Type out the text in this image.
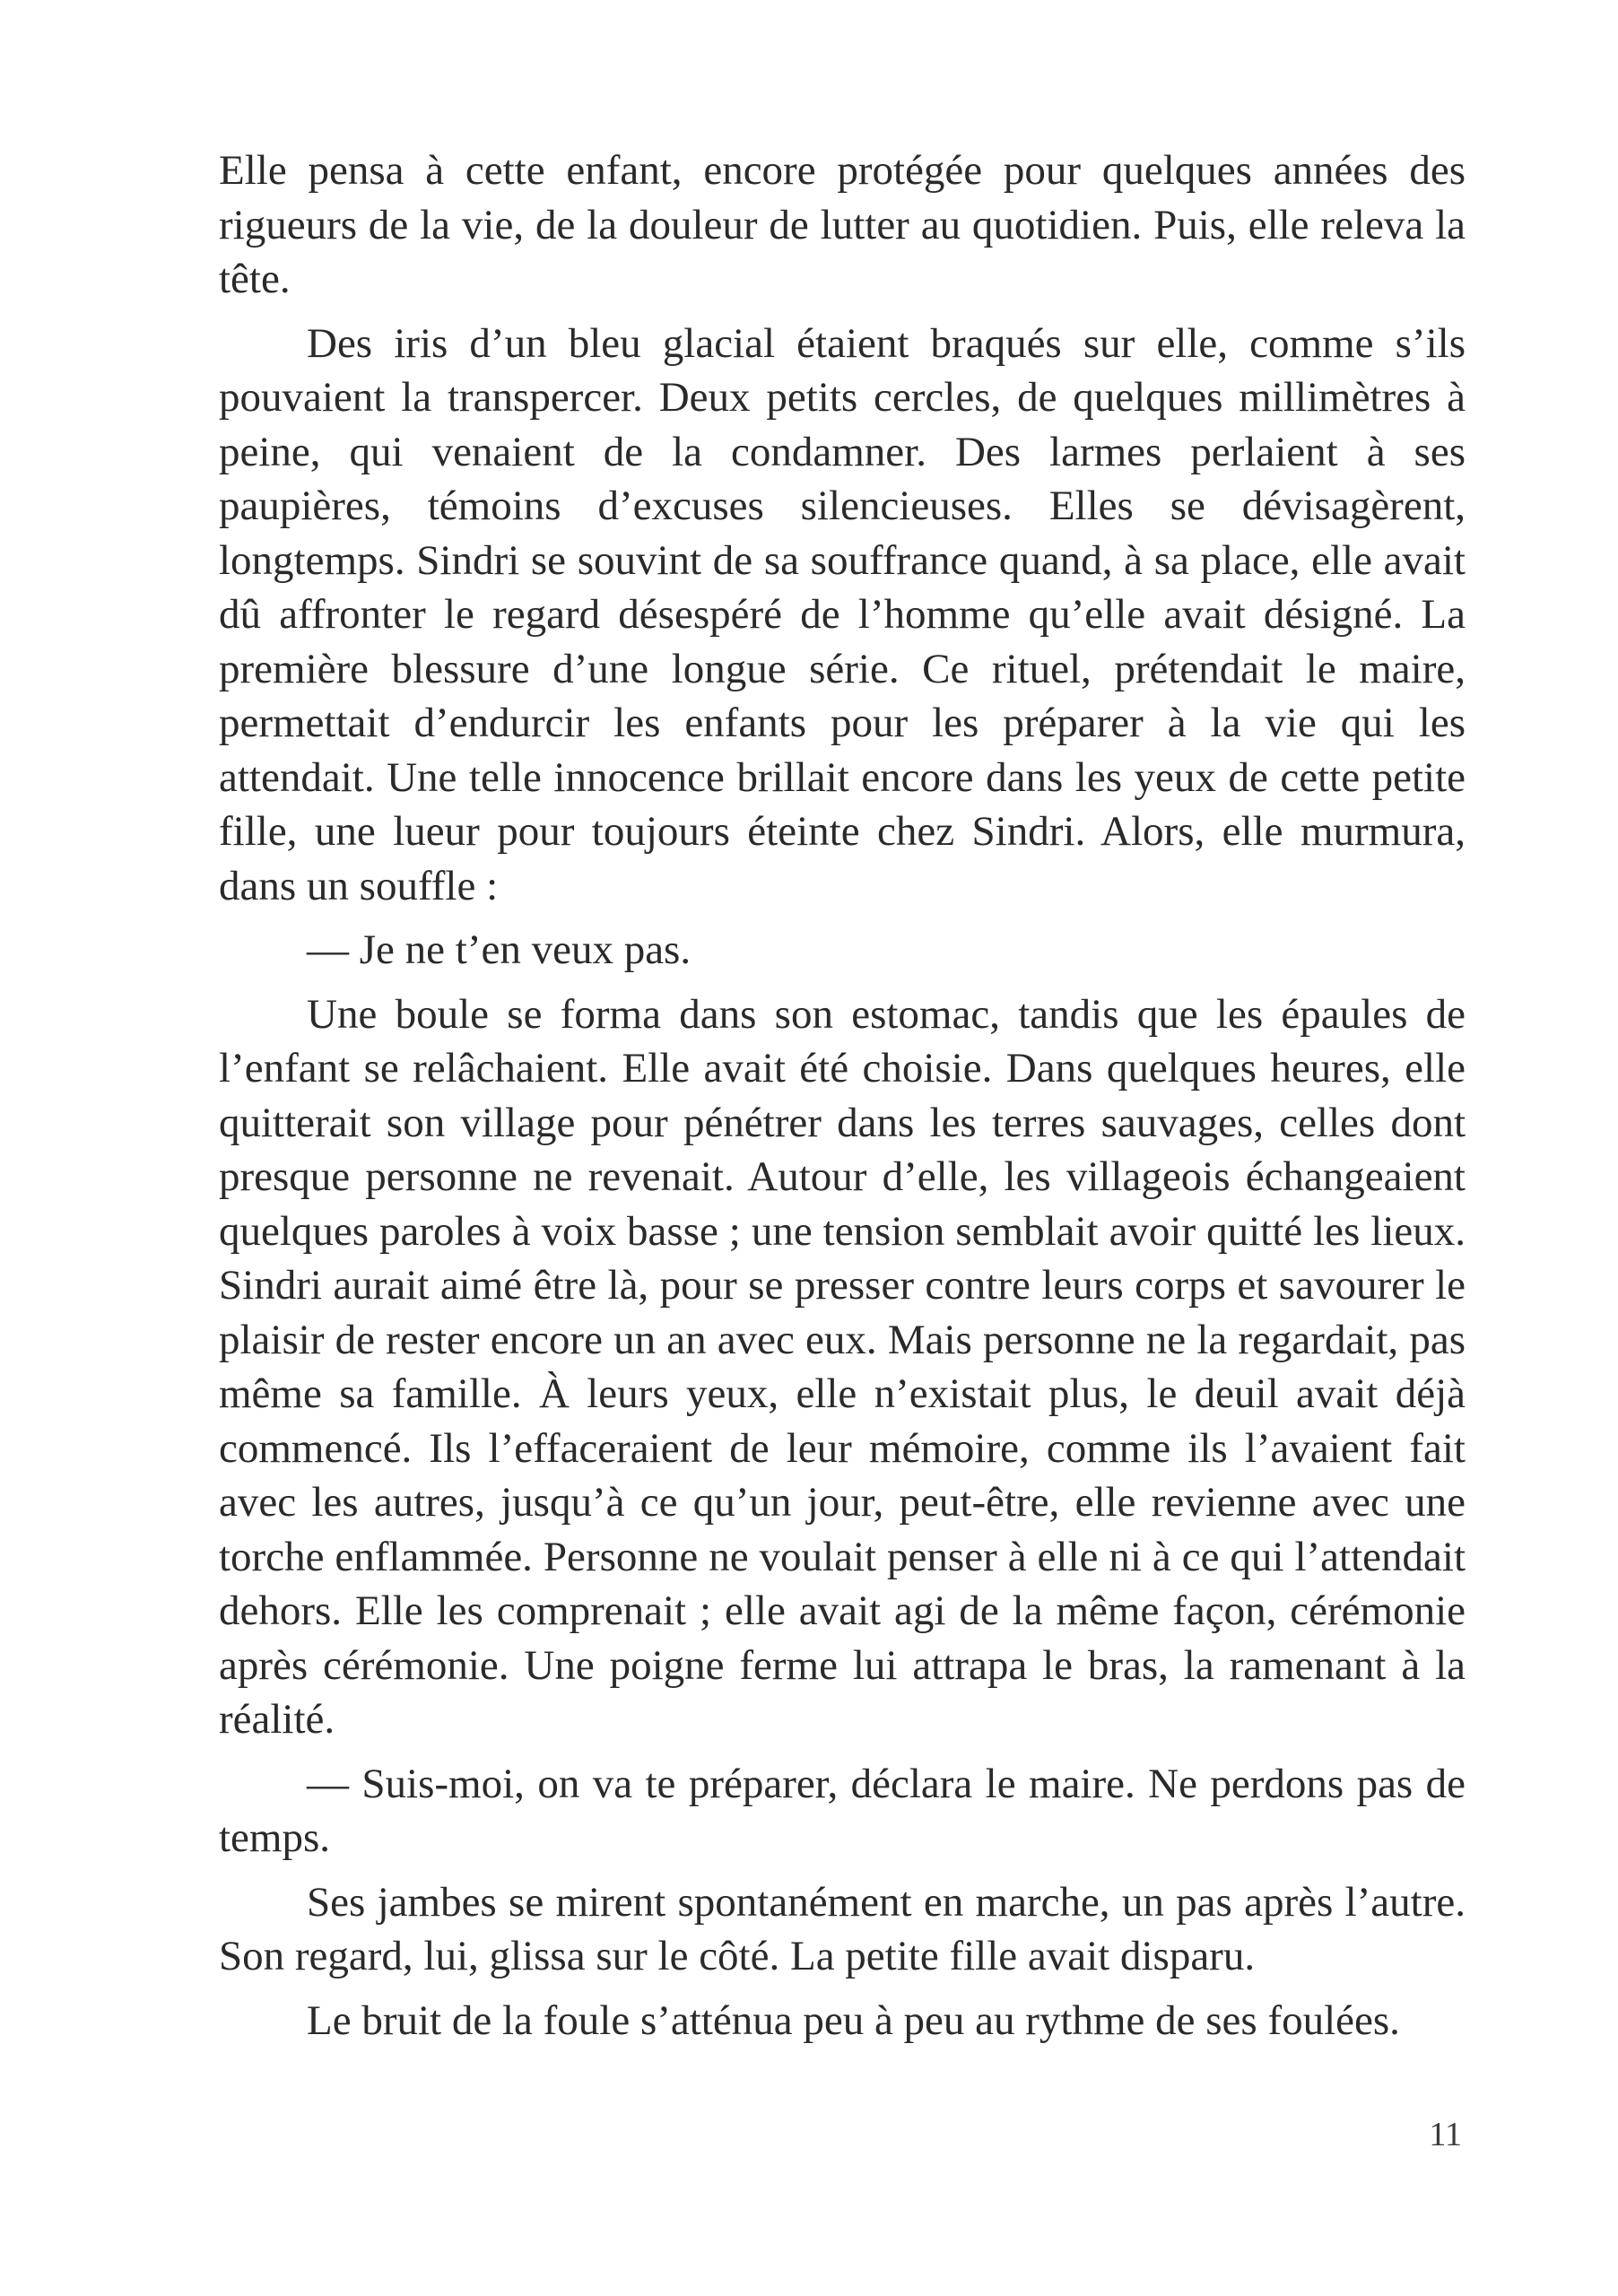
Elle pensa à cette enfant, encore protégée pour quelques années des rigueurs de la vie, de la douleur de lutter au quotidien. Puis, elle releva la tête.

Des iris d’un bleu glacial étaient braqués sur elle, comme s’ils pouvaient la transpercer. Deux petits cercles, de quelques millimètres à peine, qui venaient de la condamner. Des larmes perlaient à ses paupières, témoins d’excuses silencieuses. Elles se dévisagèrent, longtemps. Sindri se souvint de sa souffrance quand, à sa place, elle avait dû affronter le regard désespéré de l’homme qu’elle avait désigné. La première blessure d’une longue série. Ce rituel, prétendait le maire, permettait d’endurcir les enfants pour les préparer à la vie qui les attendait. Une telle innocence brillait encore dans les yeux de cette petite fille, une lueur pour toujours éteinte chez Sindri. Alors, elle murmura, dans un souffle :

— Je ne t’en veux pas.

Une boule se forma dans son estomac, tandis que les épaules de l’enfant se relâchaient. Elle avait été choisie. Dans quelques heures, elle quitterait son village pour pénétrer dans les terres sauvages, celles dont presque personne ne revenait. Autour d’elle, les villageois échangeaient quelques paroles à voix basse ; une tension semblait avoir quitté les lieux. Sindri aurait aimé être là, pour se presser contre leurs corps et savourer le plaisir de rester encore un an avec eux. Mais personne ne la regardait, pas même sa famille. À leurs yeux, elle n’existait plus, le deuil avait déjà commencé. Ils l’effaceraient de leur mémoire, comme ils l’avaient fait avec les autres, jusqu’à ce qu’un jour, peut-être, elle revienne avec une torche enflammée. Personne ne voulait penser à elle ni à ce qui l’attendait dehors. Elle les comprenait ; elle avait agi de la même façon, cérémonie après cérémonie. Une poigne ferme lui attrapa le bras, la ramenant à la réalité.

— Suis-moi, on va te préparer, déclara le maire. Ne perdons pas de temps.

Ses jambes se mirent spontanément en marche, un pas après l’autre. Son regard, lui, glissa sur le côté. La petite fille avait disparu.

Le bruit de la foule s’atténua peu à peu au rythme de ses foulées.

11
